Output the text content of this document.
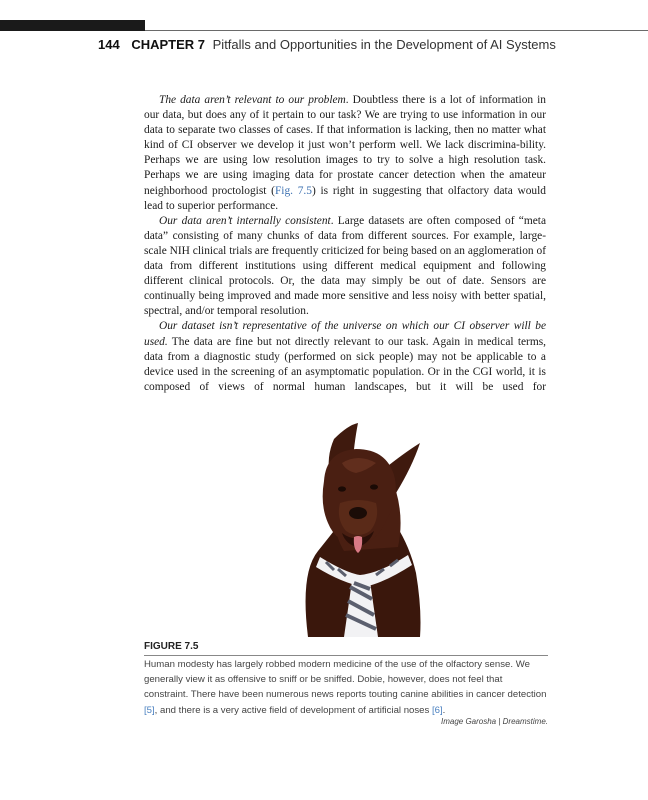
144 CHAPTER 7 Pitfalls and Opportunities in the Development of AI Systems

The data aren’t relevant to our problem. Doubtless there is a lot of information in our data, but does any of it pertain to our task? We are trying to use information in our data to separate two classes of cases. If that information is lacking, then no matter what kind of CI observer we develop it just won’t perform well. We lack discrimina-bility. Perhaps we are using low resolution images to try to solve a high resolution task. Perhaps we are using imaging data for prostate cancer detection when the amateur neighborhood proctologist (Fig. 7.5) is right in suggesting that olfactory data would lead to superior performance.

Our data aren’t internally consistent. Large datasets are often composed of “meta data” consisting of many chunks of data from different sources. For example, large-scale NIH clinical trials are frequently criticized for being based on an agglomeration of data from different institutions using different medical equipment and following different clinical protocols. Or, the data may simply be out of date. Sensors are continually being improved and made more sensitive and less noisy with better spatial, spectral, and/or temporal resolution.

Our dataset isn’t representative of the universe on which our CI observer will be used. The data are fine but not directly relevant to our task. Again in medical terms, data from a diagnostic study (performed on sick people) may not be applicable to a device used in the screening of an asymptomatic population. Or in the CGI world, it is composed of views of normal human landscapes, but it will be used for

FIGURE 7.5
Human modesty has largely robbed modern medicine of the use of the olfactory sense. We generally view it as offensive to sniff or be sniffed. Dobie, however, does not feel that constraint. There have been numerous news reports touting canine abilities in cancer detection [5], and there is a very active field of development of artificial noses [6].
Image Garosha | Dreamstime.
